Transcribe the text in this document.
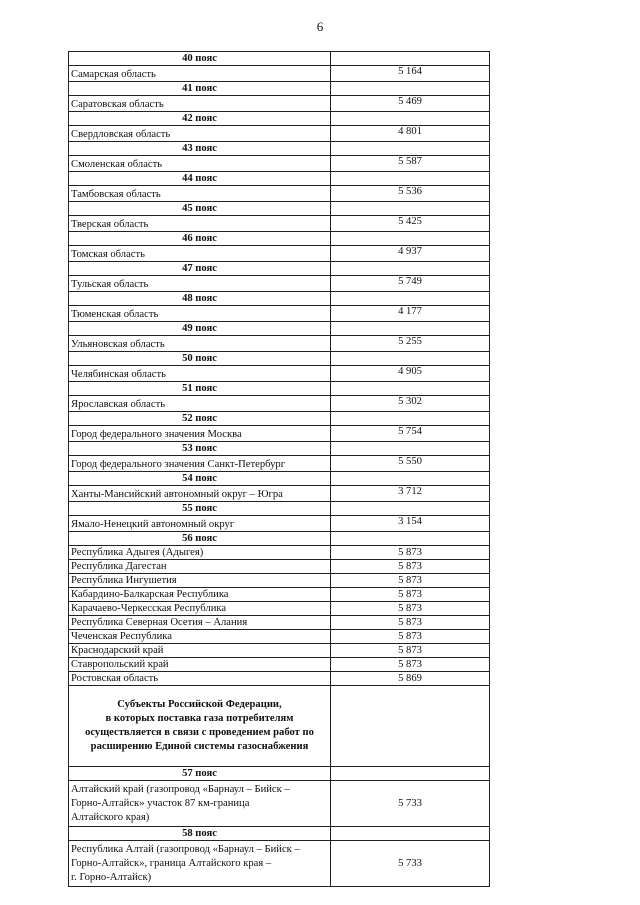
6
40 пояс	
Самарская область	5 164
41 пояс	
Саратовская область	5 469
42 пояс	
Свердловская область	4 801
43 пояс	
Смоленская область	5 587
44 пояс	
Тамбовская область	5 536
45 пояс	
Тверская область	5 425
46 пояс	
Томская область	4 937
47 пояс	
Тульская область	5 749
48 пояс	
Тюменская область	4 177
49 пояс	
Ульяновская область	5 255
50 пояс	
Челябинская область	4 905
51 пояс	
Ярославская область	5 302
52 пояс	
Город федерального значения Москва	5 754
53 пояс	
Город федерального значения Санкт-Петербург	5 550
54 пояс	
Ханты-Мансийский автономный округ – Югра	3 712
55 пояс	
Ямало-Ненецкий автономный округ	3 154
56 пояс	
Республика Адыгея (Адыгея)	5 873
Республика Дагестан	5 873
Республика Ингушетия	5 873
Кабардино-Балкарская Республика	5 873
Карачаево-Черкесская Республика	5 873
Республика Северная Осетия – Алания	5 873
Чеченская Республика	5 873
Краснодарский край	5 873
Ставропольский край	5 873
Ростовская область	5 869

Субъекты Российской Федерации,
в которых поставка газа потребителям
осуществляется в связи с проведением работ по
расширению Единой системы газоснабжения	

57 пояс	

Алтайский край (газопровод «Барнаул – Бийск –
Горно-Алтайск» участок 87 км-граница
Алтайского края)	5 733
58 пояс	

Республика Алтай (газопровод «Барнаул – Бийск –
Горно-Алтайск», граница Алтайского края –
г. Горно-Алтайск)	5 733
